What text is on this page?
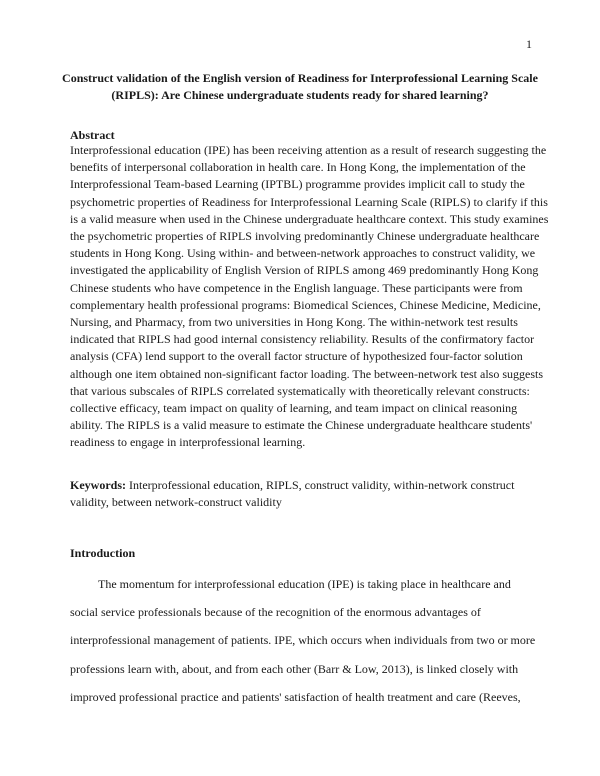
1
Construct validation of the English version of Readiness for Interprofessional Learning Scale (RIPLS): Are Chinese undergraduate students ready for shared learning?
Abstract
Interprofessional education (IPE) has been receiving attention as a result of research suggesting the benefits of interpersonal collaboration in health care. In Hong Kong, the implementation of the Interprofessional Team-based Learning (IPTBL) programme provides implicit call to study the psychometric properties of Readiness for Interprofessional Learning Scale (RIPLS) to clarify if this is a valid measure when used in the Chinese undergraduate healthcare context. This study examines the psychometric properties of RIPLS involving predominantly Chinese undergraduate healthcare students in Hong Kong. Using within- and between-network approaches to construct validity, we investigated the applicability of English Version of RIPLS among 469 predominantly Hong Kong Chinese students who have competence in the English language. These participants were from complementary health professional programs: Biomedical Sciences, Chinese Medicine, Medicine, Nursing, and Pharmacy, from two universities in Hong Kong. The within-network test results indicated that RIPLS had good internal consistency reliability. Results of the confirmatory factor analysis (CFA) lend support to the overall factor structure of hypothesized four-factor solution although one item obtained non-significant factor loading. The between-network test also suggests that various subscales of RIPLS correlated systematically with theoretically relevant constructs: collective efficacy, team impact on quality of learning, and team impact on clinical reasoning ability. The RIPLS is a valid measure to estimate the Chinese undergraduate healthcare students' readiness to engage in interprofessional learning.
Keywords: Interprofessional education, RIPLS, construct validity, within-network construct validity, between network-construct validity
Introduction
The momentum for interprofessional education (IPE) is taking place in healthcare and social service professionals because of the recognition of the enormous advantages of interprofessional management of patients. IPE, which occurs when individuals from two or more professions learn with, about, and from each other (Barr & Low, 2013), is linked closely with improved professional practice and patients' satisfaction of health treatment and care (Reeves,
